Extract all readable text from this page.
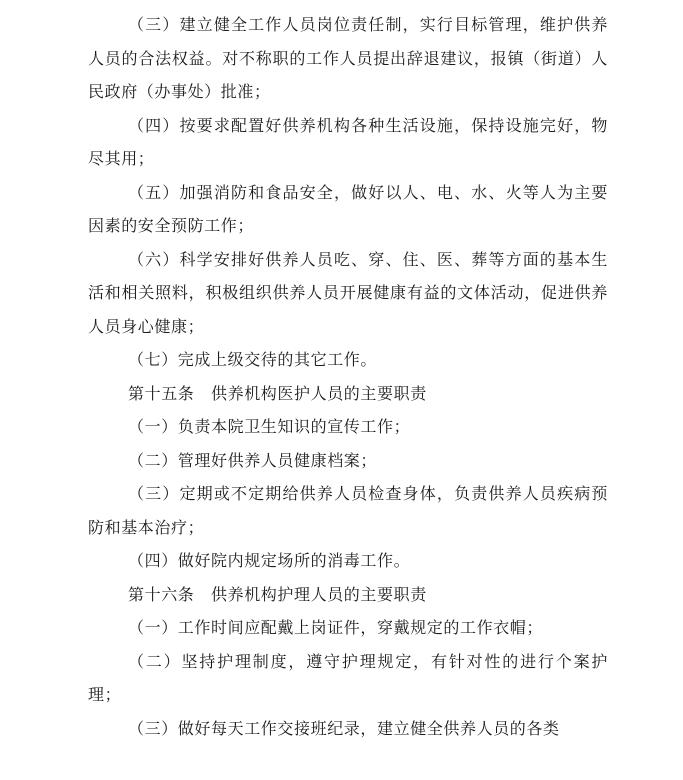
（三）建立健全工作人员岗位责任制，实行目标管理，维护供养人员的合法权益。对不称职的工作人员提出辞退建议，报镇（街道）人民政府（办事处）批准；

（四）按要求配置好供养机构各种生活设施，保持设施完好，物尽其用；

（五）加强消防和食品安全，做好以人、电、水、火等人为主要因素的安全预防工作；

（六）科学安排好供养人员吃、穿、住、医、葬等方面的基本生活和相关照料，积极组织供养人员开展健康有益的文体活动，促进供养人员身心健康；

（七）完成上级交待的其它工作。

第十五条　供养机构医护人员的主要职责

（一）负责本院卫生知识的宣传工作；

（二）管理好供养人员健康档案；

（三）定期或不定期给供养人员检查身体，负责供养人员疾病预防和基本治疗；

（四）做好院内规定场所的消毒工作。

第十六条　供养机构护理人员的主要职责

（一）工作时间应配戴上岗证件，穿戴规定的工作衣帽；

（二）坚持护理制度，遵守护理规定，有针对性的进行个案护理；

（三）做好每天工作交接班纪录，建立健全供养人员的各类
